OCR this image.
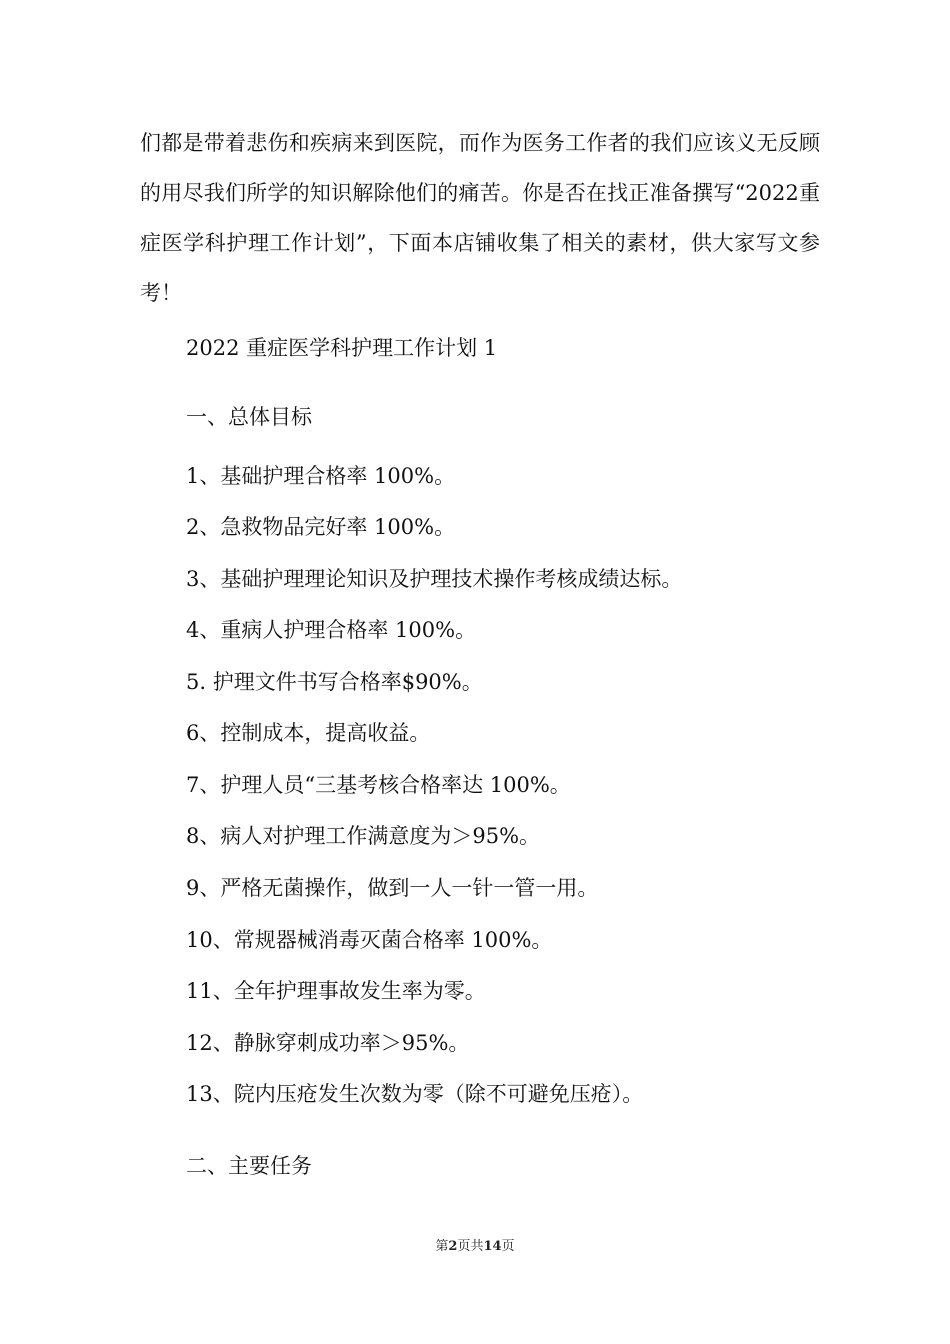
们都是带着悲伤和疾病来到医院，而作为医务工作者的我们应该义无反顾的用尽我们所学的知识解除他们的痛苦。你是否在找正准备撰写“2022重症医学科护理工作计划”，下面本店铺收集了相关的素材，供大家写文参考！

2022 重症医学科护理工作计划 1

一、总体目标

1、基础护理合格率 100%。

2、急救物品完好率 100%。

3、基础护理理论知识及护理技术操作考核成绩达标。

4、重病人护理合格率 100%。

5. 护理文件书写合格率$90%。

6、控制成本，提高收益。

7、护理人员“三基考核合格率达 100%。

8、病人对护理工作满意度为＞95%。

9、严格无菌操作，做到一人一针一管一用。

10、常规器械消毒灭菌合格率 100%。

11、全年护理事故发生率为零。

12、静脉穿刺成功率＞95%。

13、院内压疮发生次数为零（除不可避免压疮）。

二、主要任务

第2页共14页
